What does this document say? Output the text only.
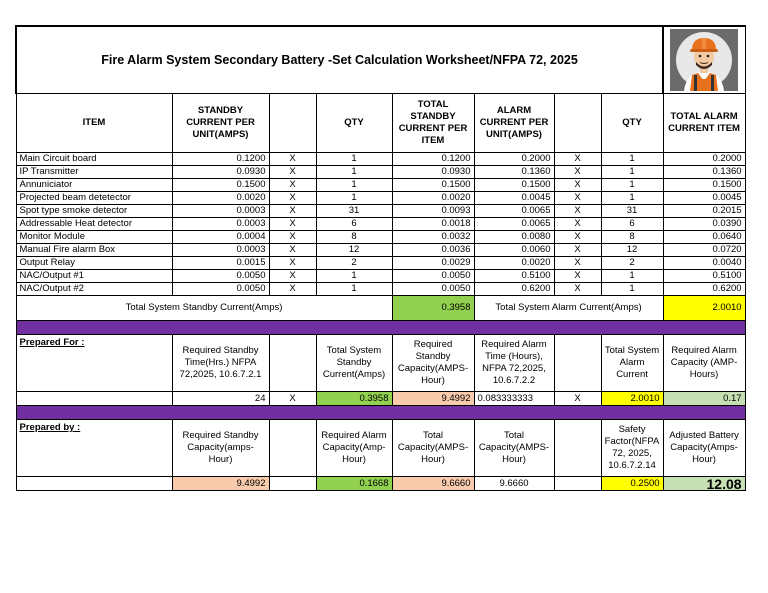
Fire Alarm System Secondary Battery -Set Calculation Worksheet/NFPA 72, 2025	

ITEM	STANDBY CURRENT PER UNIT(AMPS)		QTY	TOTAL STANDBY CURRENT PER ITEM	ALARM CURRENT PER UNIT(AMPS)		QTY	TOTAL ALARM CURRENT ITEM
Main Circuit board	0.1200	X	1	0.1200	0.2000	X	1	0.2000
IP Transmitter	0.0930	X	1	0.0930	0.1360	X	1	0.1360
Annuniciator	0.1500	X	1	0.1500	0.1500	X	1	0.1500
Projected beam detetector	0.0020	X	1	0.0020	0.0045	X	1	0.0045
Spot type smoke detector	0.0003	X	31	0.0093	0.0065	X	31	0.2015
Addressable Heat detector	0.0003	X	6	0.0018	0.0065	X	6	0.0390
Monitor Module	0.0004	X	8	0.0032	0.0080	X	8	0.0640
Manual Fire alarm Box	0.0003	X	12	0.0036	0.0060	X	12	0.0720
Output Relay	0.0015	X	2	0.0029	0.0020	X	2	0.0040
NAC/Output #1	0.0050	X	1	0.0050	0.5100	X	1	0.5100
NAC/Output #2	0.0050	X	1	0.0050	0.6200	X	1	0.6200
Total System Standby Current(Amps)				0.3958	Total System Alarm Current(Amps)			2.0010

Prepared For :	Required Standby Time(Hrs.) NFPA 72,2025, 10.6.7.2.1		Total System Standby Current(Amps)	Required Standby Capacity(AMPS-Hour)	Required Alarm Time (Hours), NFPA 72,2025, 10.6.7.2.2		Total System Alarm Current	Required Alarm Capacity (AMP-Hours)
	24	X	0.3958	9.4992	0.083333333	X	2.0010	0.17

Prepared by :	Required Standby Capacity(amps-Hour)		Required Alarm Capacity(Amp-Hour)	Total Capacity(AMPS-Hour)	Total Capacity(AMPS-Hour)		Safety Factor(NFPA 72, 2025, 10.6.7.2.14	Adjusted Battery Capacity(Amps-Hour)
	9.4992		0.1668	9.6660	9.6660		0.2500	12.08
